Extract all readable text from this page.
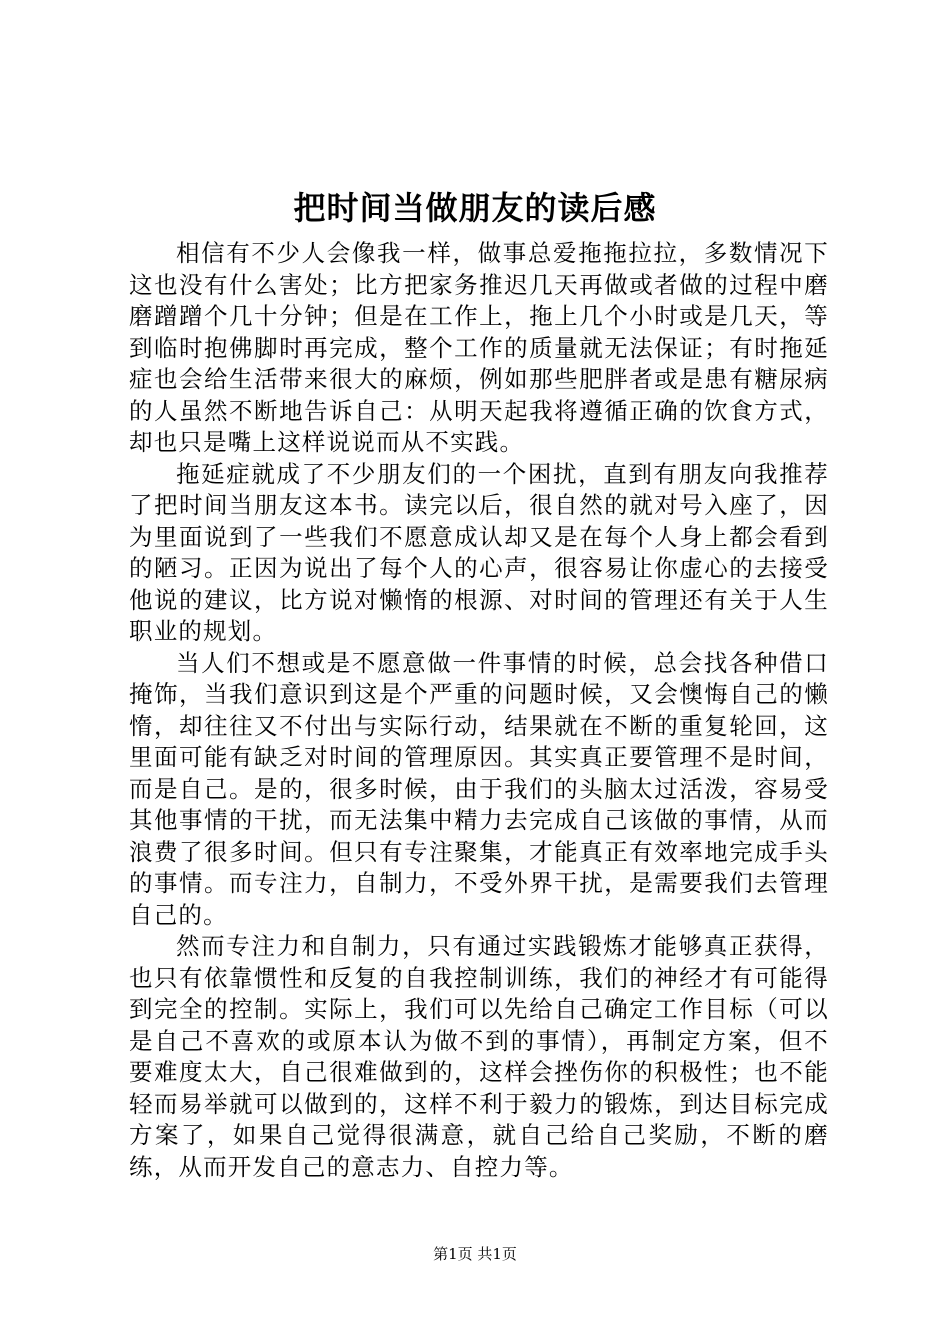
把时间当做朋友的读后感

相信有不少人会像我一样，做事总爱拖拖拉拉，多数情况下这也没有什么害处；比方把家务推迟几天再做或者做的过程中磨磨蹭蹭个几十分钟；但是在工作上，拖上几个小时或是几天，等到临时抱佛脚时再完成，整个工作的质量就无法保证；有时拖延症也会给生活带来很大的麻烦，例如那些肥胖者或是患有糖尿病的人虽然不断地告诉自己：从明天起我将遵循正确的饮食方式，却也只是嘴上这样说说而从不实践。

拖延症就成了不少朋友们的一个困扰，直到有朋友向我推荐了把时间当朋友这本书。读完以后，很自然的就对号入座了，因为里面说到了一些我们不愿意成认却又是在每个人身上都会看到的陋习。正因为说出了每个人的心声，很容易让你虚心的去接受他说的建议，比方说对懒惰的根源、对时间的管理还有关于人生职业的规划。

当人们不想或是不愿意做一件事情的时候，总会找各种借口掩饰，当我们意识到这是个严重的问题时候，又会懊悔自己的懒惰，却往往又不付出与实际行动，结果就在不断的重复轮回，这里面可能有缺乏对时间的管理原因。其实真正要管理不是时间，而是自己。是的，很多时候，由于我们的头脑太过活泼，容易受其他事情的干扰，而无法集中精力去完成自己该做的事情，从而浪费了很多时间。但只有专注聚集，才能真正有效率地完成手头的事情。而专注力，自制力，不受外界干扰，是需要我们去管理自己的。

然而专注力和自制力，只有通过实践锻炼才能够真正获得，也只有依靠惯性和反复的自我控制训练，我们的神经才有可能得到完全的控制。实际上，我们可以先给自己确定工作目标（可以是自己不喜欢的或原本认为做不到的事情），再制定方案，但不要难度太大，自己很难做到的，这样会挫伤你的积极性；也不能轻而易举就可以做到的，这样不利于毅力的锻炼，到达目标完成方案了，如果自己觉得很满意，就自己给自己奖励，不断的磨练，从而开发自己的意志力、自控力等。

第1页 共1页
